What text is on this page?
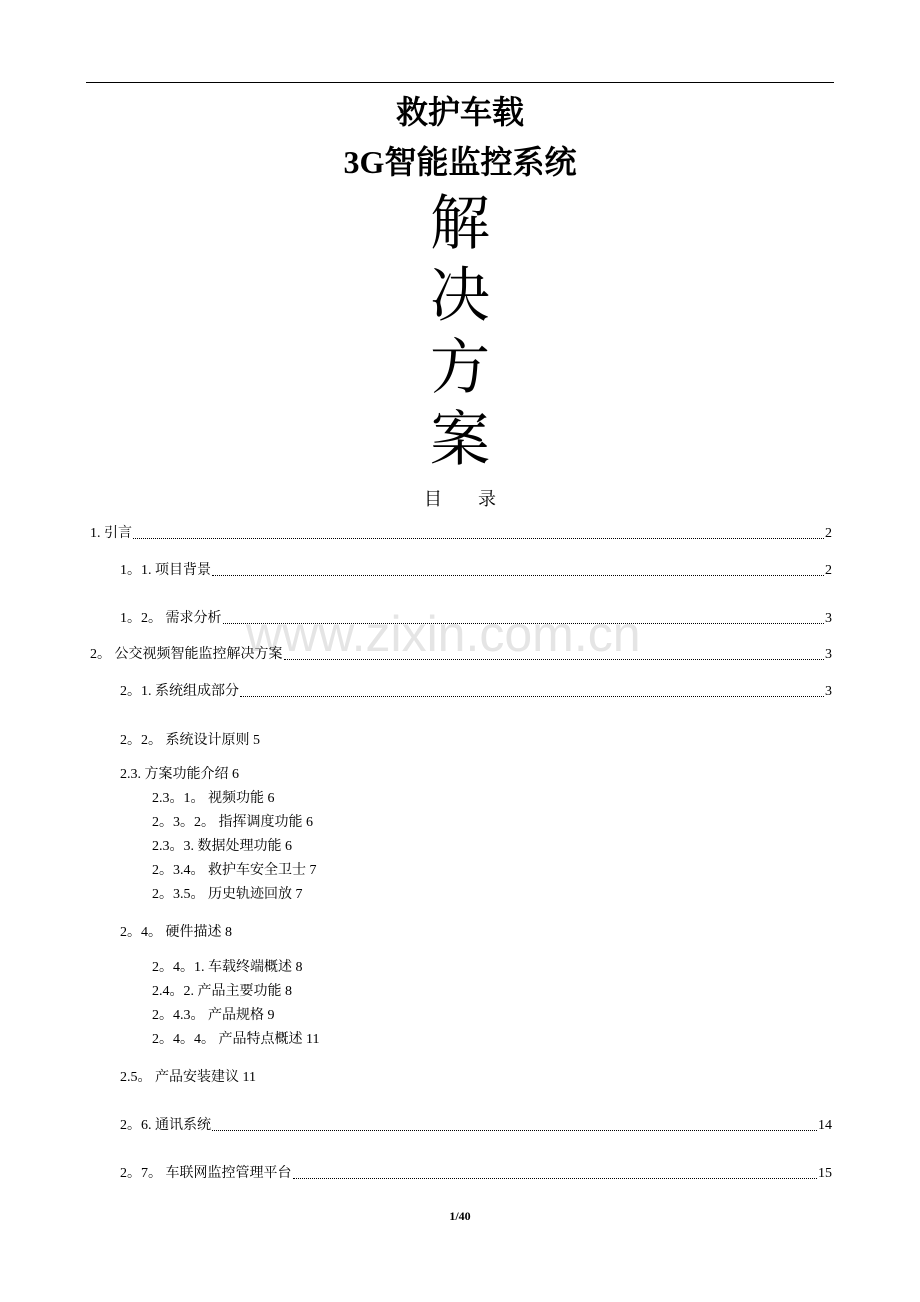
救护车载
3G智能监控系统
解
决
方
案
目 录
www.zixin.com.cn
1. 引言	2
1。1. 项目背景	2
1。2。 需求分析	3
2。 公交视频智能监控解决方案	3
2。1. 系统组成部分	3
2。2。 系统设计原则 5
2.3. 方案功能介绍 6
2.3。1。 视频功能 6
2。3。2。 指挥调度功能 6
2.3。3. 数据处理功能 6
2。3.4。 救护车安全卫士 7
2。3.5。 历史轨迹回放 7
2。4。 硬件描述 8
2。4。1. 车载终端概述 8
2.4。2. 产品主要功能 8
2。4.3。 产品规格 9
2。4。4。 产品特点概述 11
2.5。 产品安装建议 11
2。6. 通讯系统	14
2。7。 车联网监控管理平台	15
1/40
